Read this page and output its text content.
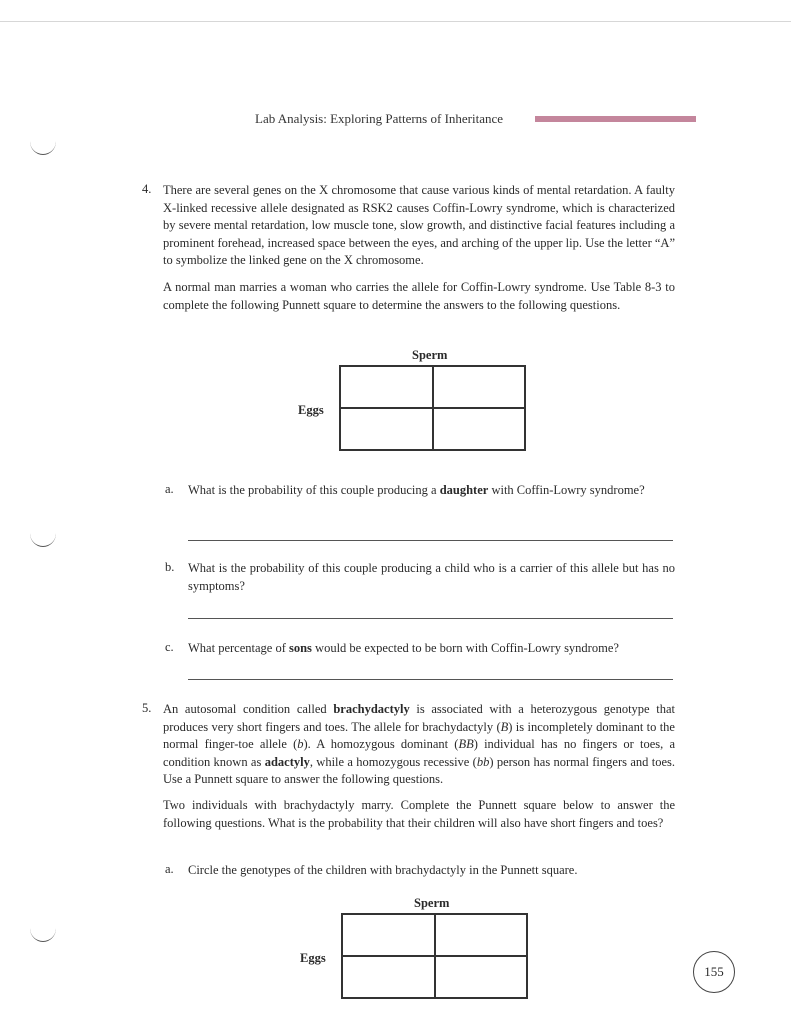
Lab Analysis: Exploring Patterns of Inheritance
4. There are several genes on the X chromosome that cause various kinds of mental retardation. A faulty X-linked recessive allele designated as RSK2 causes Coffin-Lowry syndrome, which is characterized by severe mental retardation, low muscle tone, slow growth, and distinctive facial features including a prominent forehead, increased space between the eyes, and arching of the upper lip. Use the letter “A” to symbolize the linked gene on the X chromosome.

A normal man marries a woman who carries the allele for Coffin-Lowry syndrome. Use Table 8-3 to complete the following Punnett square to determine the answers to the following questions.

Sperm
Eggs
a. What is the probability of this couple producing a daughter with Coffin-Lowry syndrome?

b. What is the probability of this couple producing a child who is a carrier of this allele but has no symptoms?

c. What percentage of sons would be expected to be born with Coffin-Lowry syndrome?

5. An autosomal condition called brachydactyly is associated with a heterozygous genotype that produces very short fingers and toes. The allele for brachydactyly (B) is incompletely dominant to the normal finger-toe allele (b). A homozygous dominant (BB) individual has no fingers or toes, a condition known as adactyly, while a homozygous recessive (bb) person has normal fingers and toes. Use a Punnett square to answer the following questions.

Two individuals with brachydactyly marry. Complete the Punnett square below to answer the following questions. What is the probability that their children will also have short fingers and toes?

a. Circle the genotypes of the children with brachydactyly in the Punnett square.

Sperm
Eggs
155
